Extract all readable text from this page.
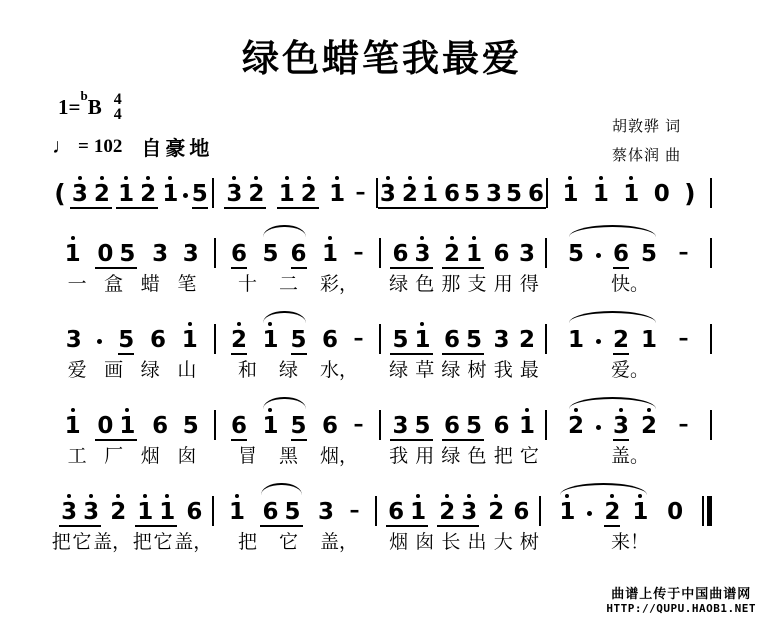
绿色蜡笔我最爱
1=$^b$B 4
4
♩ = 102 自豪地
胡敦骅 词
蔡体润 曲
( 3 2 1 2 1 5 3 2 1 2 1 – 3 2 1 6 5 3 5 6 1 1 1 0 )
1 0 5 3 3 6 5 6 1 – 6 3 2 1 6 3 5 6 5 –
一 盒 蜡 笔 十 二 彩， 绿 色 那 支 用 得	快。
3 5 6 1 2 1 5 6 – 5 1 6 5 3 2 1 2 1 –
爱 画 绿 山 和 绿 水， 绿 草 绿 树 我 最	爱。
1 0 1 6 5 6 1 5 6 – 3 5 6 5 6 1 2 3 2 –
工 厂 烟 囱 冒 黑 烟， 我 用 绿 色 把 它	盖。
3 3 2 1 1 6 1 6 5 3 – 6 1 2 3 2 6 1 2 1 0
把 它 盖， 把 它 盖， 把 它 盖， 烟 囱 长 出 大 树	来！
曲谱上传于中国曲谱网
HTTP://QUPU.HAOB1.NET
